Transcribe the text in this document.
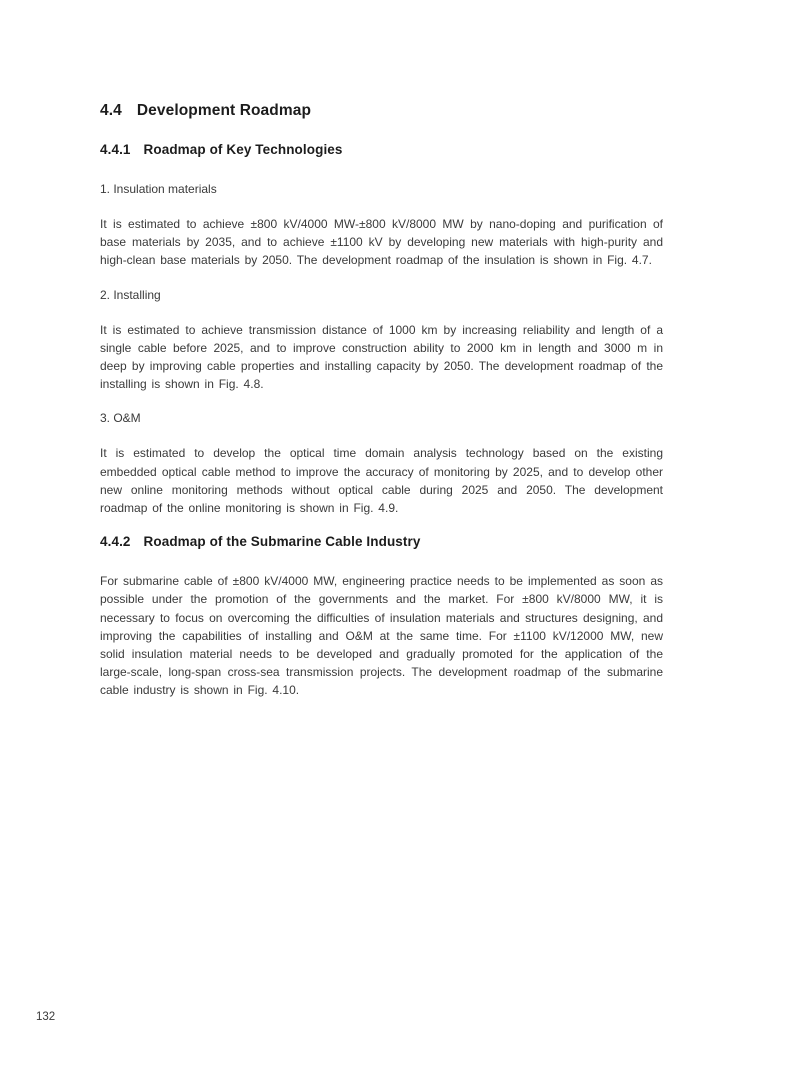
4.4 Development Roadmap
4.4.1 Roadmap of Key Technologies

1. Insulation materials

It is estimated to achieve ±800 kV/4000 MW-±800 kV/8000 MW by nano-doping and purification of base materials by 2035, and to achieve ±1100 kV by developing new materials with high-purity and high-clean base materials by 2050. The development roadmap of the insulation is shown in Fig. 4.7.

2. Installing

It is estimated to achieve transmission distance of 1000 km by increasing reliability and length of a single cable before 2025, and to improve construction ability to 2000 km in length and 3000 m in deep by improving cable properties and installing capacity by 2050. The development roadmap of the installing is shown in Fig. 4.8.

3. O&M

It is estimated to develop the optical time domain analysis technology based on the existing embedded optical cable method to improve the accuracy of monitoring by 2025, and to develop other new online monitoring methods without optical cable during 2025 and 2050. The development roadmap of the online monitoring is shown in Fig. 4.9.

4.4.2 Roadmap of the Submarine Cable Industry

For submarine cable of ±800 kV/4000 MW, engineering practice needs to be implemented as soon as possible under the promotion of the governments and the market. For ±800 kV/8000 MW, it is necessary to focus on overcoming the difficulties of insulation materials and structures designing, and improving the capabilities of installing and O&M at the same time. For ±1100 kV/12000 MW, new solid insulation material needs to be developed and gradually promoted for the application of the large-scale, long-span cross-sea transmission projects. The development roadmap of the submarine cable industry is shown in Fig. 4.10.

132
